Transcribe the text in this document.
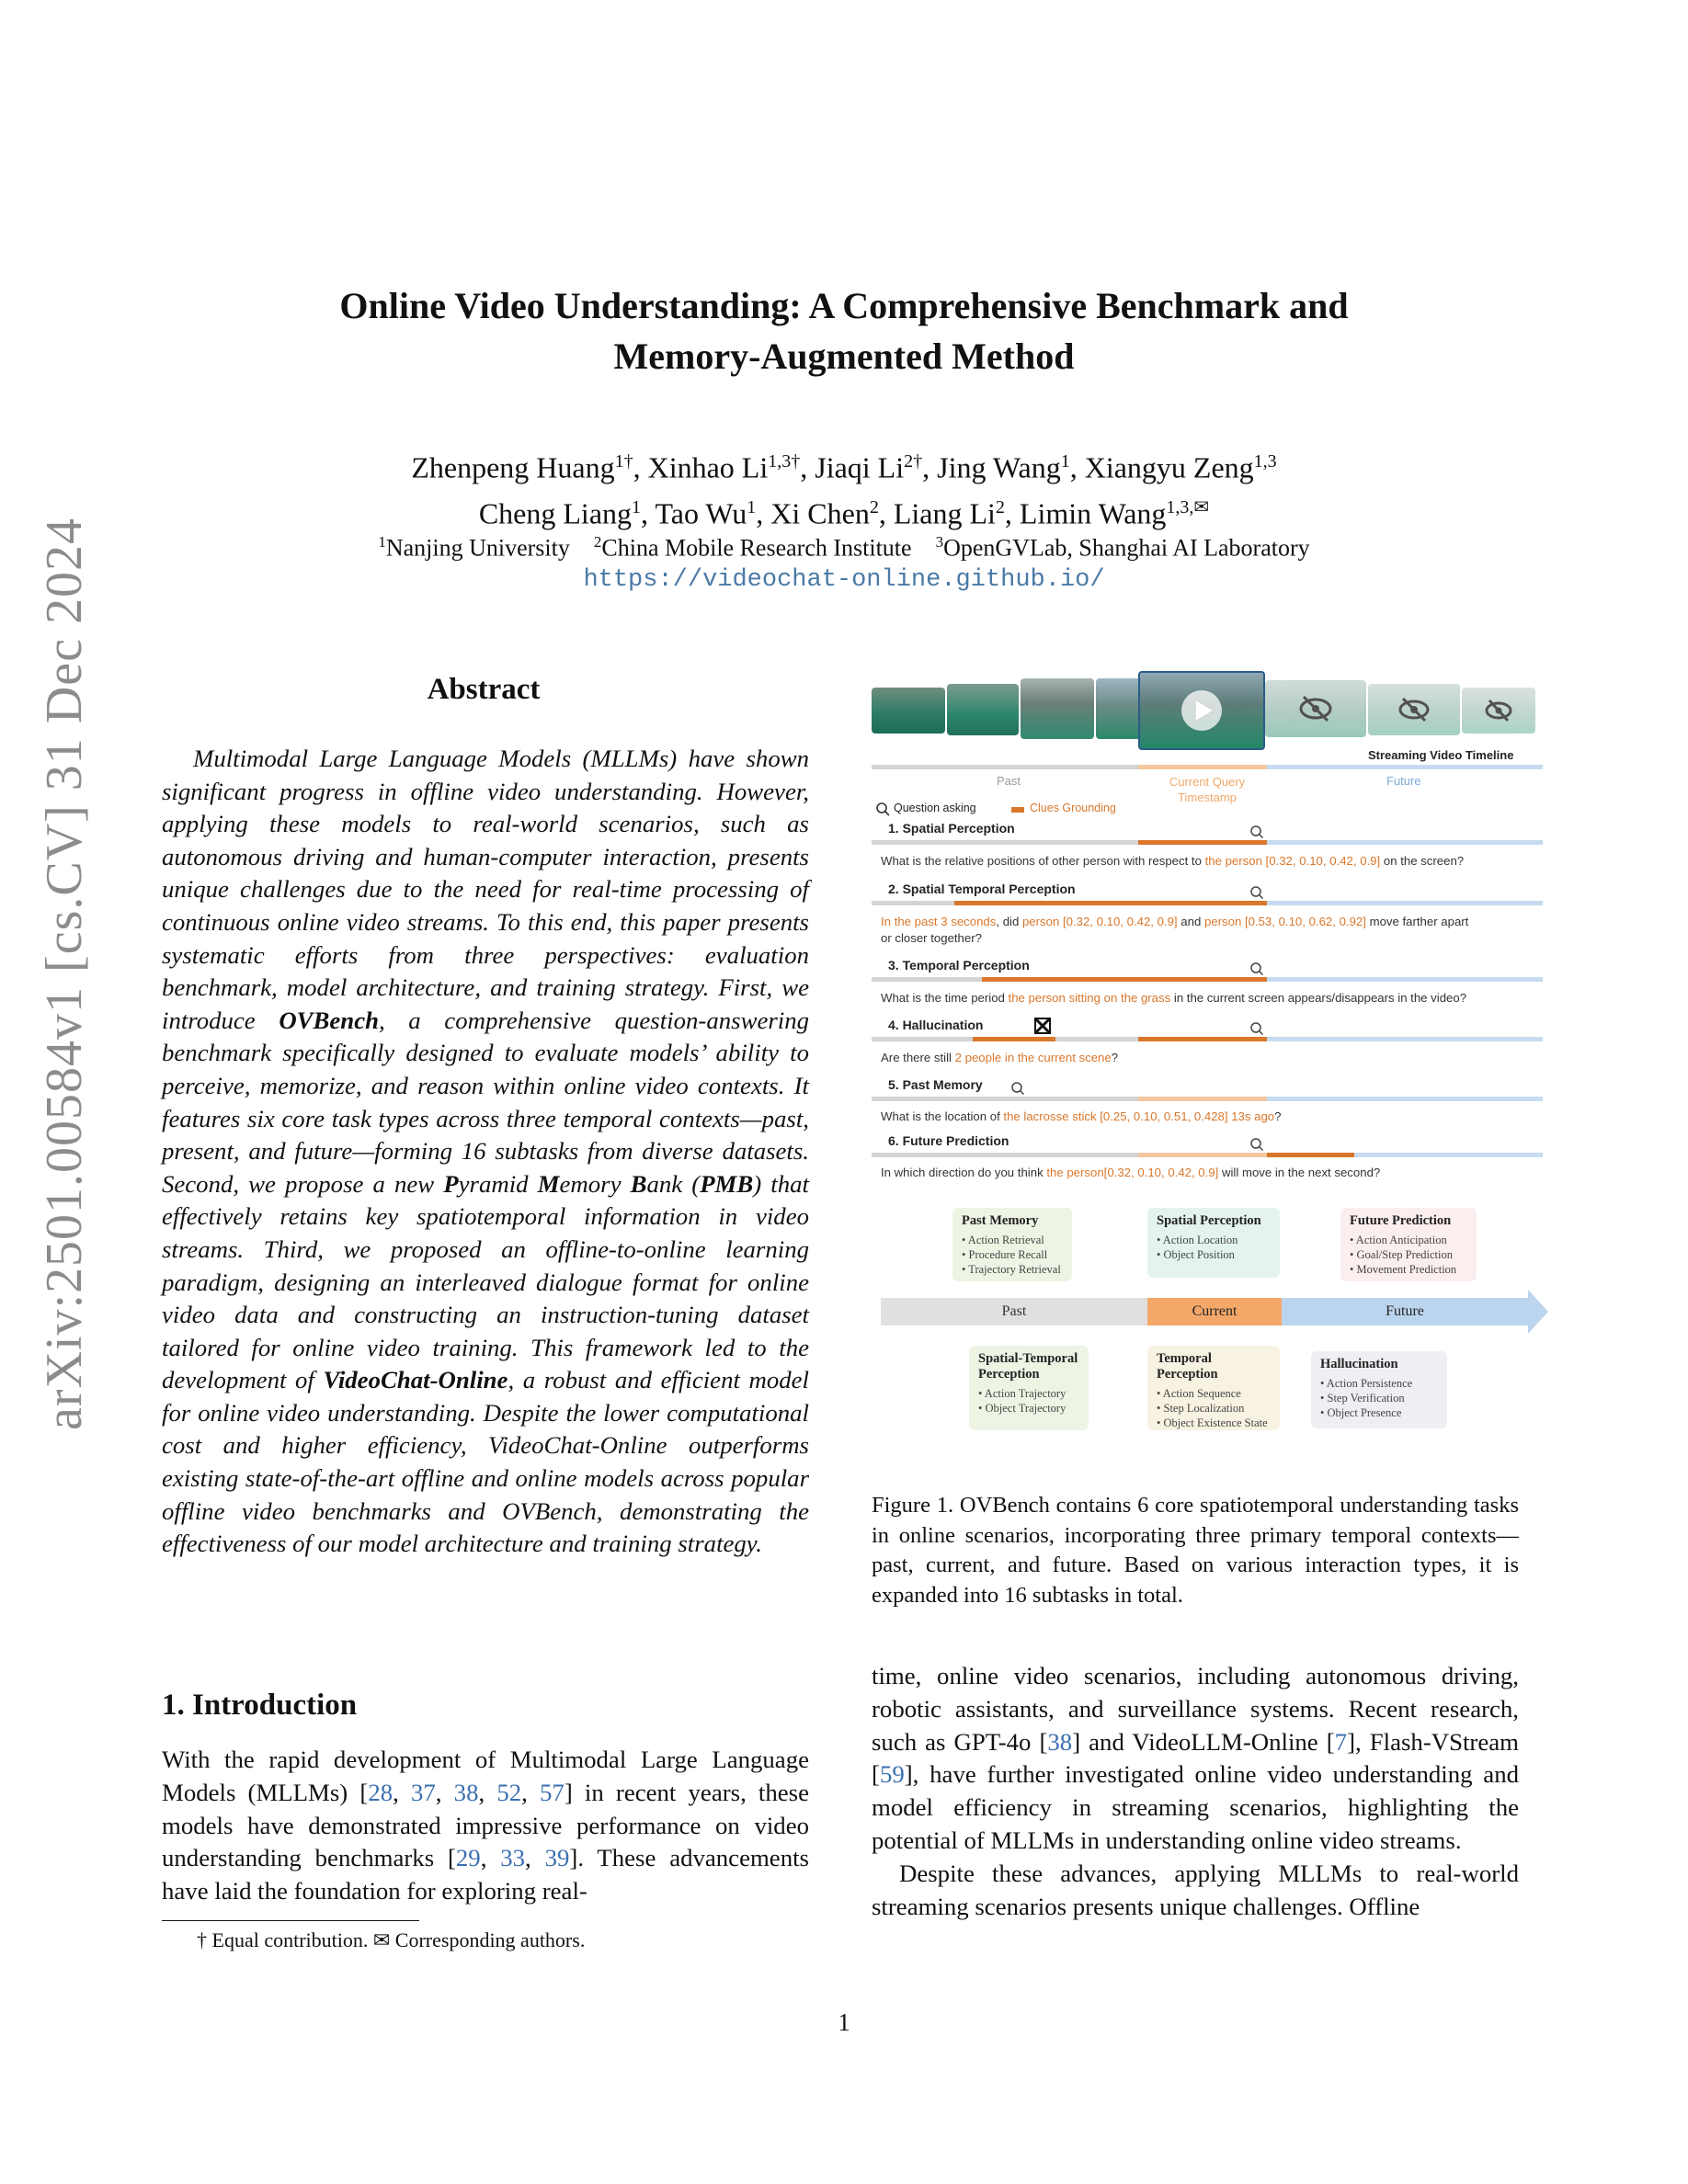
arXiv:2501.00584v1 [cs.CV] 31 Dec 2024
Online Video Understanding: A Comprehensive Benchmark and
Memory-Augmented Method
Zhenpeng Huang$^{1\dagger}$, Xinhao $Li^{1,3\dagger}$, Jiaqi $Li^{2\dagger}$, Jing Wang$^1$, Xiangyu Zeng$^{1,3}$
Cheng Liang$^1$, Tao Wu$^1$, Xi Chen$^2$, Liang Li$^2$, Limin Wang$^{1,3,✉}$
$^1$Nanjing University $^2$China Mobile Research Institute $^3$OpenGVLab, Shanghai AI Laboratory
https://videochat-online.github.io/
Abstract

Multimodal Large Language Models (MLLMs) have shown significant progress in offline video understanding. However, applying these models to real-world scenarios, such as autonomous driving and human-computer interaction, presents unique challenges due to the need for real-time processing of continuous online video streams. To this end, this paper presents systematic efforts from three perspectives: evaluation benchmark, model architecture, and training strategy. First, we introduce OVBench, a comprehensive question-answering benchmark specifically designed to evaluate models’ ability to perceive, memorize, and reason within online video contexts. It features six core task types across three temporal contexts—past, present, and future—forming 16 subtasks from diverse datasets. Second, we propose a new Pyramid Memory Bank (PMB) that effectively retains key spatiotemporal information in video streams. Third, we proposed an offline-to-online learning paradigm, designing an interleaved dialogue format for online video data and constructing an instruction-tuning dataset tailored for online video training. This framework led to the development of VideoChat-Online, a robust and efficient model for online video understanding. Despite the lower computational cost and higher efficiency, VideoChat-Online outperforms existing state-of-the-art offline and online models across popular offline video benchmarks and OVBench, demonstrating the effectiveness of our model architecture and training strategy.

1. Introduction

With the rapid development of Multimodal Large Language Models (MLLMs) [28, 37, 38, 52, 57] in recent years, these models have demonstrated impressive performance on video understanding benchmarks [29, 33, 39]. These advancements have laid the foundation for exploring real-

† Equal contribution. ✉ Corresponding authors.
Streaming Video Timeline
Past	Current Query
Timestamp
Future
Question asking	Clues Grounding
1. Spatial Perception
What is the relative positions of other person with respect to the person [0.32, 0.10, 0.42, 0.9] on the screen?
2. Spatial Temporal Perception
In the past 3 seconds, did person [0.32, 0.10, 0.42, 0.9] and person [0.53, 0.10, 0.62, 0.92] move farther apart
or closer together?
3. Temporal Perception
What is the time period the person sitting on the grass in the current screen appears/disappears in the video?
4. Hallucination
Are there still 2 people in the current scene?
5. Past Memory
What is the location of the lacrosse stick [0.25, 0.10, 0.51, 0.428] 13s ago?
6. Future Prediction
In which direction do you think the person[0.32, 0.10, 0.42, 0.9] will move in the next second?
Past Memory
• Action Retrieval
• Procedure Recall
• Trajectory Retrieval
Spatial Perception
• Action Location
• Object Position
Future Prediction
• Action Anticipation
• Goal/Step Prediction
• Movement Prediction
Past	Current	Future
Spatial-Temporal Perception
• Action Trajectory
• Object Trajectory
Temporal Perception
• Action Sequence
• Step Localization
• Object Existence State
Hallucination
• Action Persistence
• Step Verification
• Object Presence
Figure 1. OVBench contains 6 core spatiotemporal understanding tasks in online scenarios, incorporating three primary temporal contexts—past, current, and future. Based on various interaction types, it is expanded into 16 subtasks in total.

time, online video scenarios, including autonomous driving, robotic assistants, and surveillance systems. Recent research, such as GPT-4o [38] and VideoLLM-Online [7], Flash-VStream [59], have further investigated online video understanding and model efficiency in streaming scenarios, highlighting the potential of MLLMs in understanding online video streams.

Despite these advances, applying MLLMs to real-world streaming scenarios presents unique challenges. Offline

1
